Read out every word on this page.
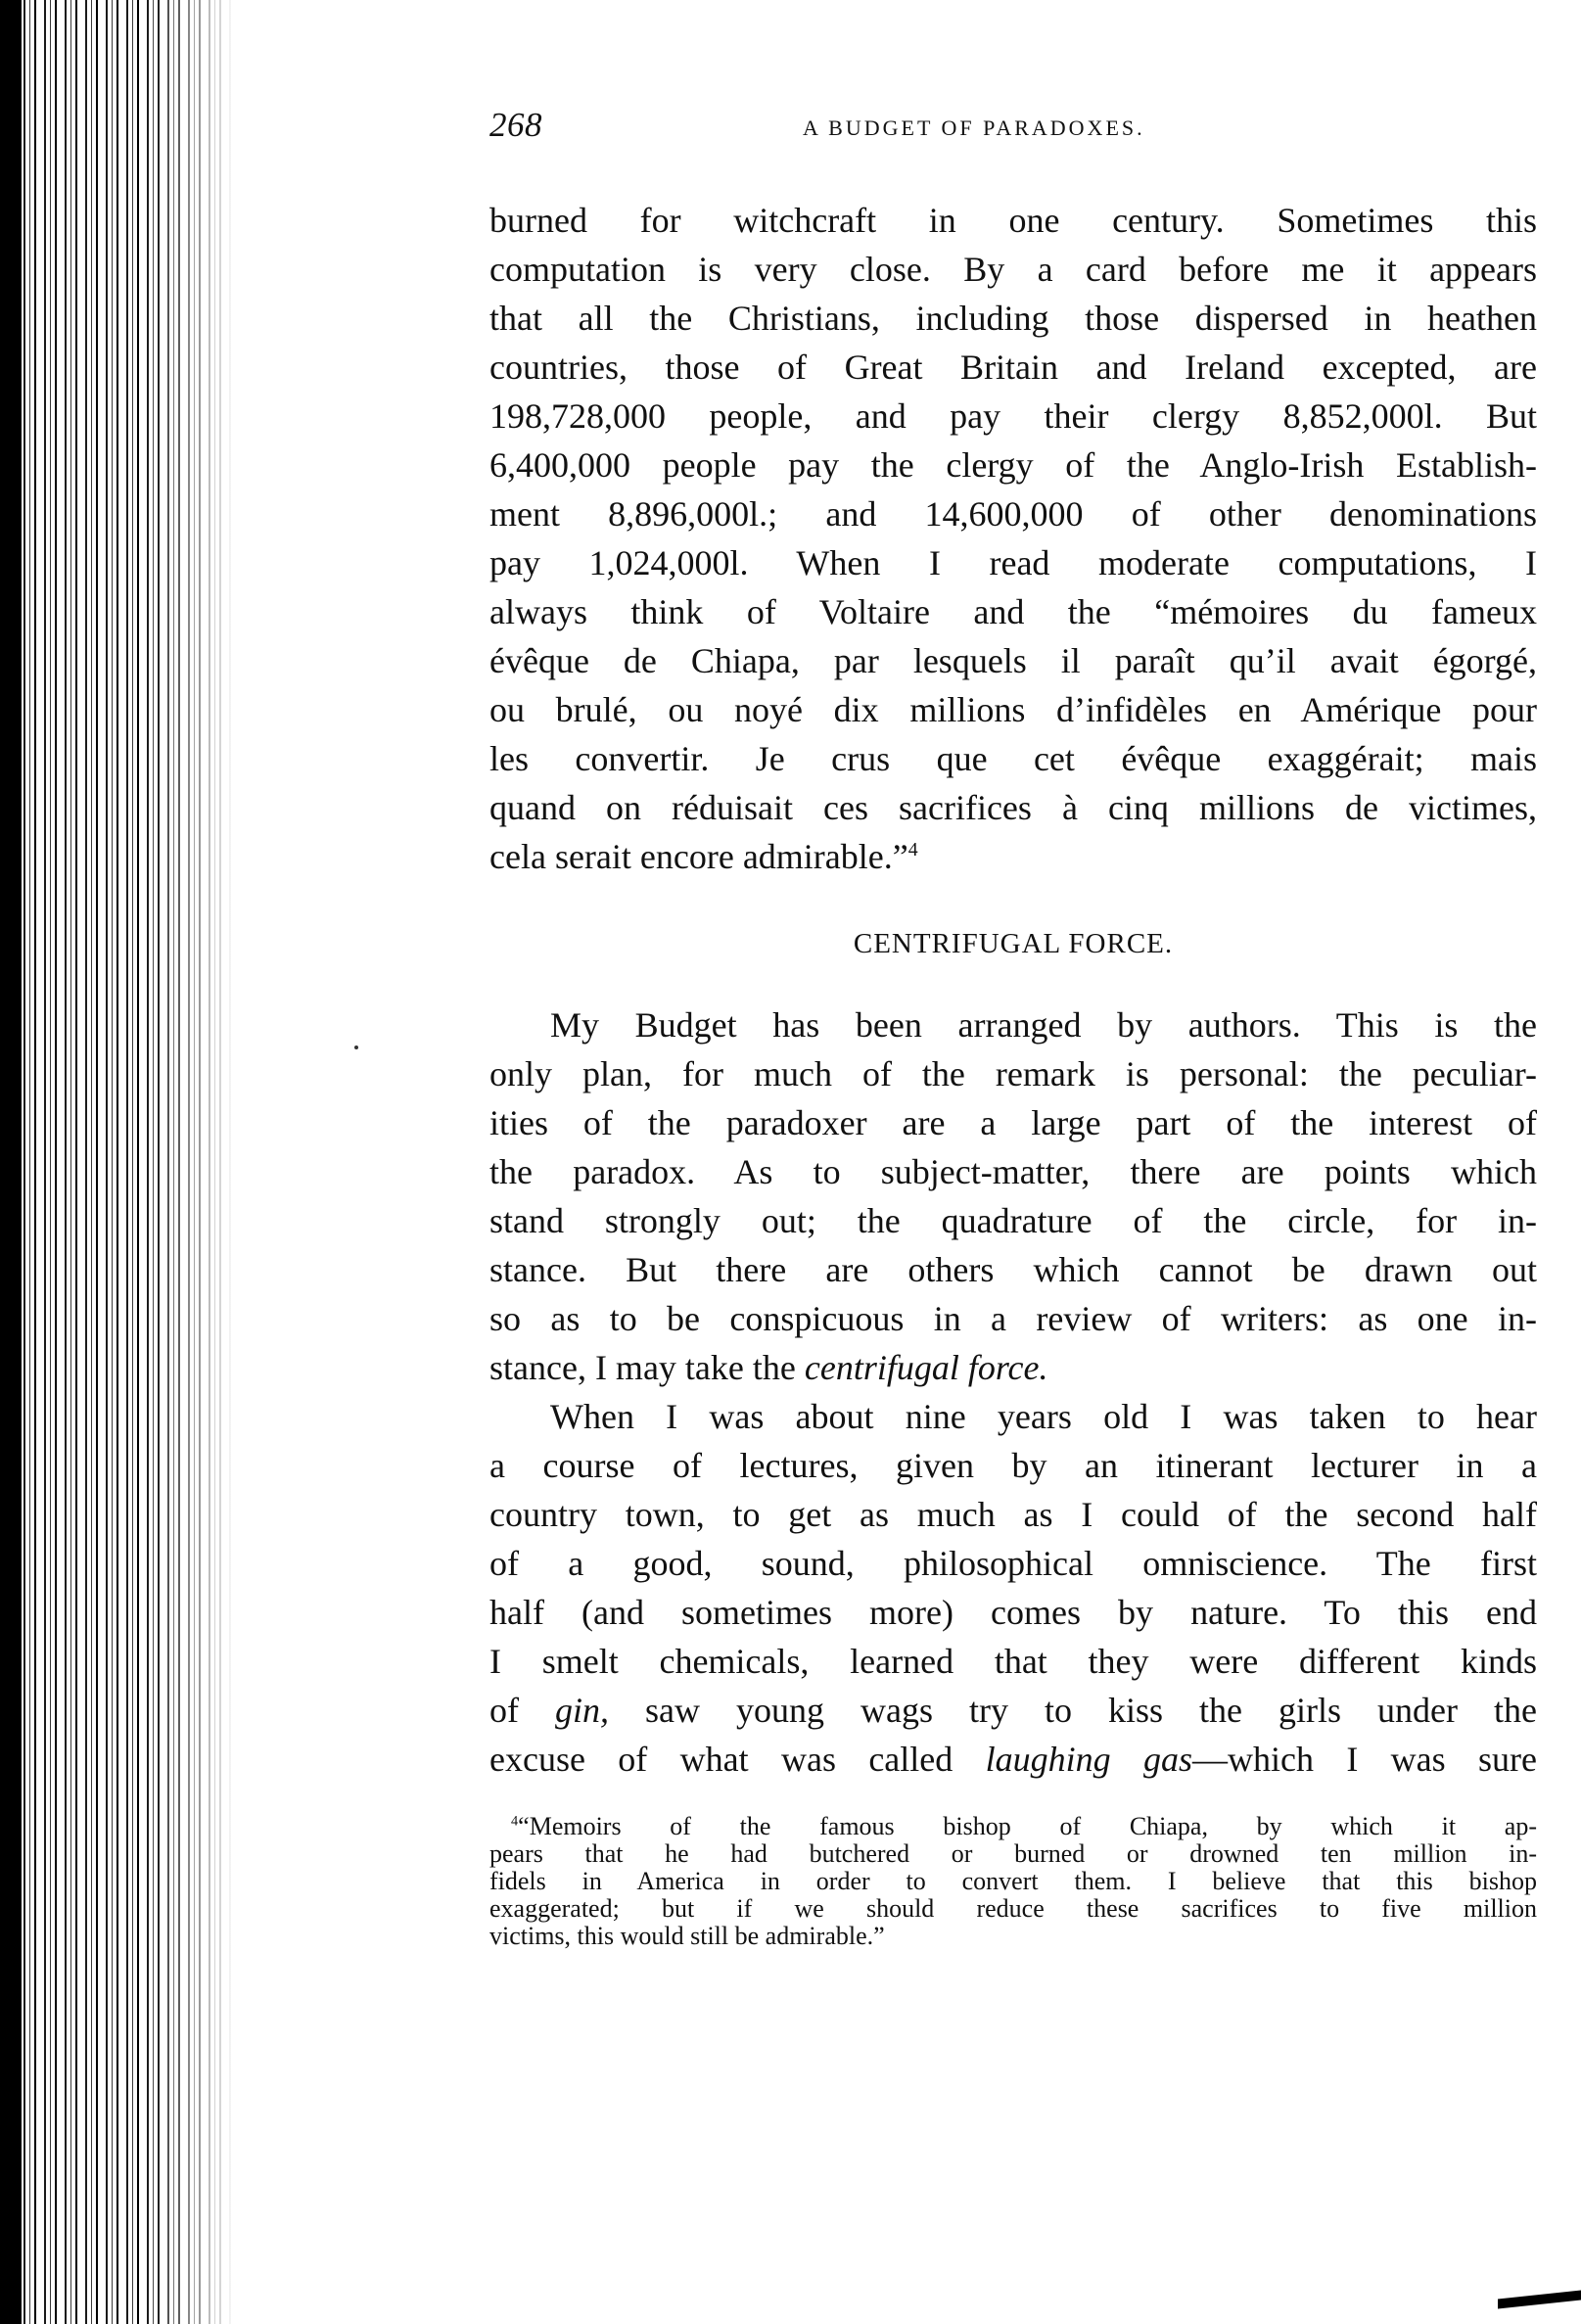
268	A BUDGET OF PARADOXES.
burned for witchcraft in one century. Sometimes this
computation is very close. By a card before me it appears
that all the Christians, including those dispersed in heathen
countries, those of Great Britain and Ireland excepted, are
198,728,000 people, and pay their clergy 8,852,000l. But
6,400,000 people pay the clergy of the Anglo-Irish Establish-
ment 8,896,000l.; and 14,600,000 of other denominations
pay 1,024,000l. When I read moderate computations, I
always think of Voltaire and the “mémoires du fameux
évêque de Chiapa, par lesquels il paraît qu’il avait égorgé,
ou brulé, ou noyé dix millions d’infidèles en Amérique pour
les convertir. Je crus que cet évêque exaggérait; mais
quand on réduisait ces sacrifices à cinq millions de victimes,
cela serait encore admirable.”$^4$
CENTRIFUGAL FORCE.
My Budget has been arranged by authors. This is the
only plan, for much of the remark is personal: the peculiar-
ities of the paradoxer are a large part of the interest of
the paradox. As to subject-matter, there are points which
stand strongly out; the quadrature of the circle, for in-
stance. But there are others which cannot be drawn out
so as to be conspicuous in a review of writers: as one in-
stance, I may take the centrifugal force.
When I was about nine years old I was taken to hear
a course of lectures, given by an itinerant lecturer in a
country town, to get as much as I could of the second half
of a good, sound, philosophical omniscience. The first
half (and sometimes more) comes by nature. To this end
I smelt chemicals, learned that they were different kinds
of gin, saw young wags try to kiss the girls under the
excuse of what was called laughing gas—which I was sure
$^4$“Memoirs of the famous bishop of Chiapa, by which it ap-
pears that he had butchered or burned or drowned ten million in-
fidels in America in order to convert them. I believe that this bishop
exaggerated; but if we should reduce these sacrifices to five million
victims, this would still be admirable.”
